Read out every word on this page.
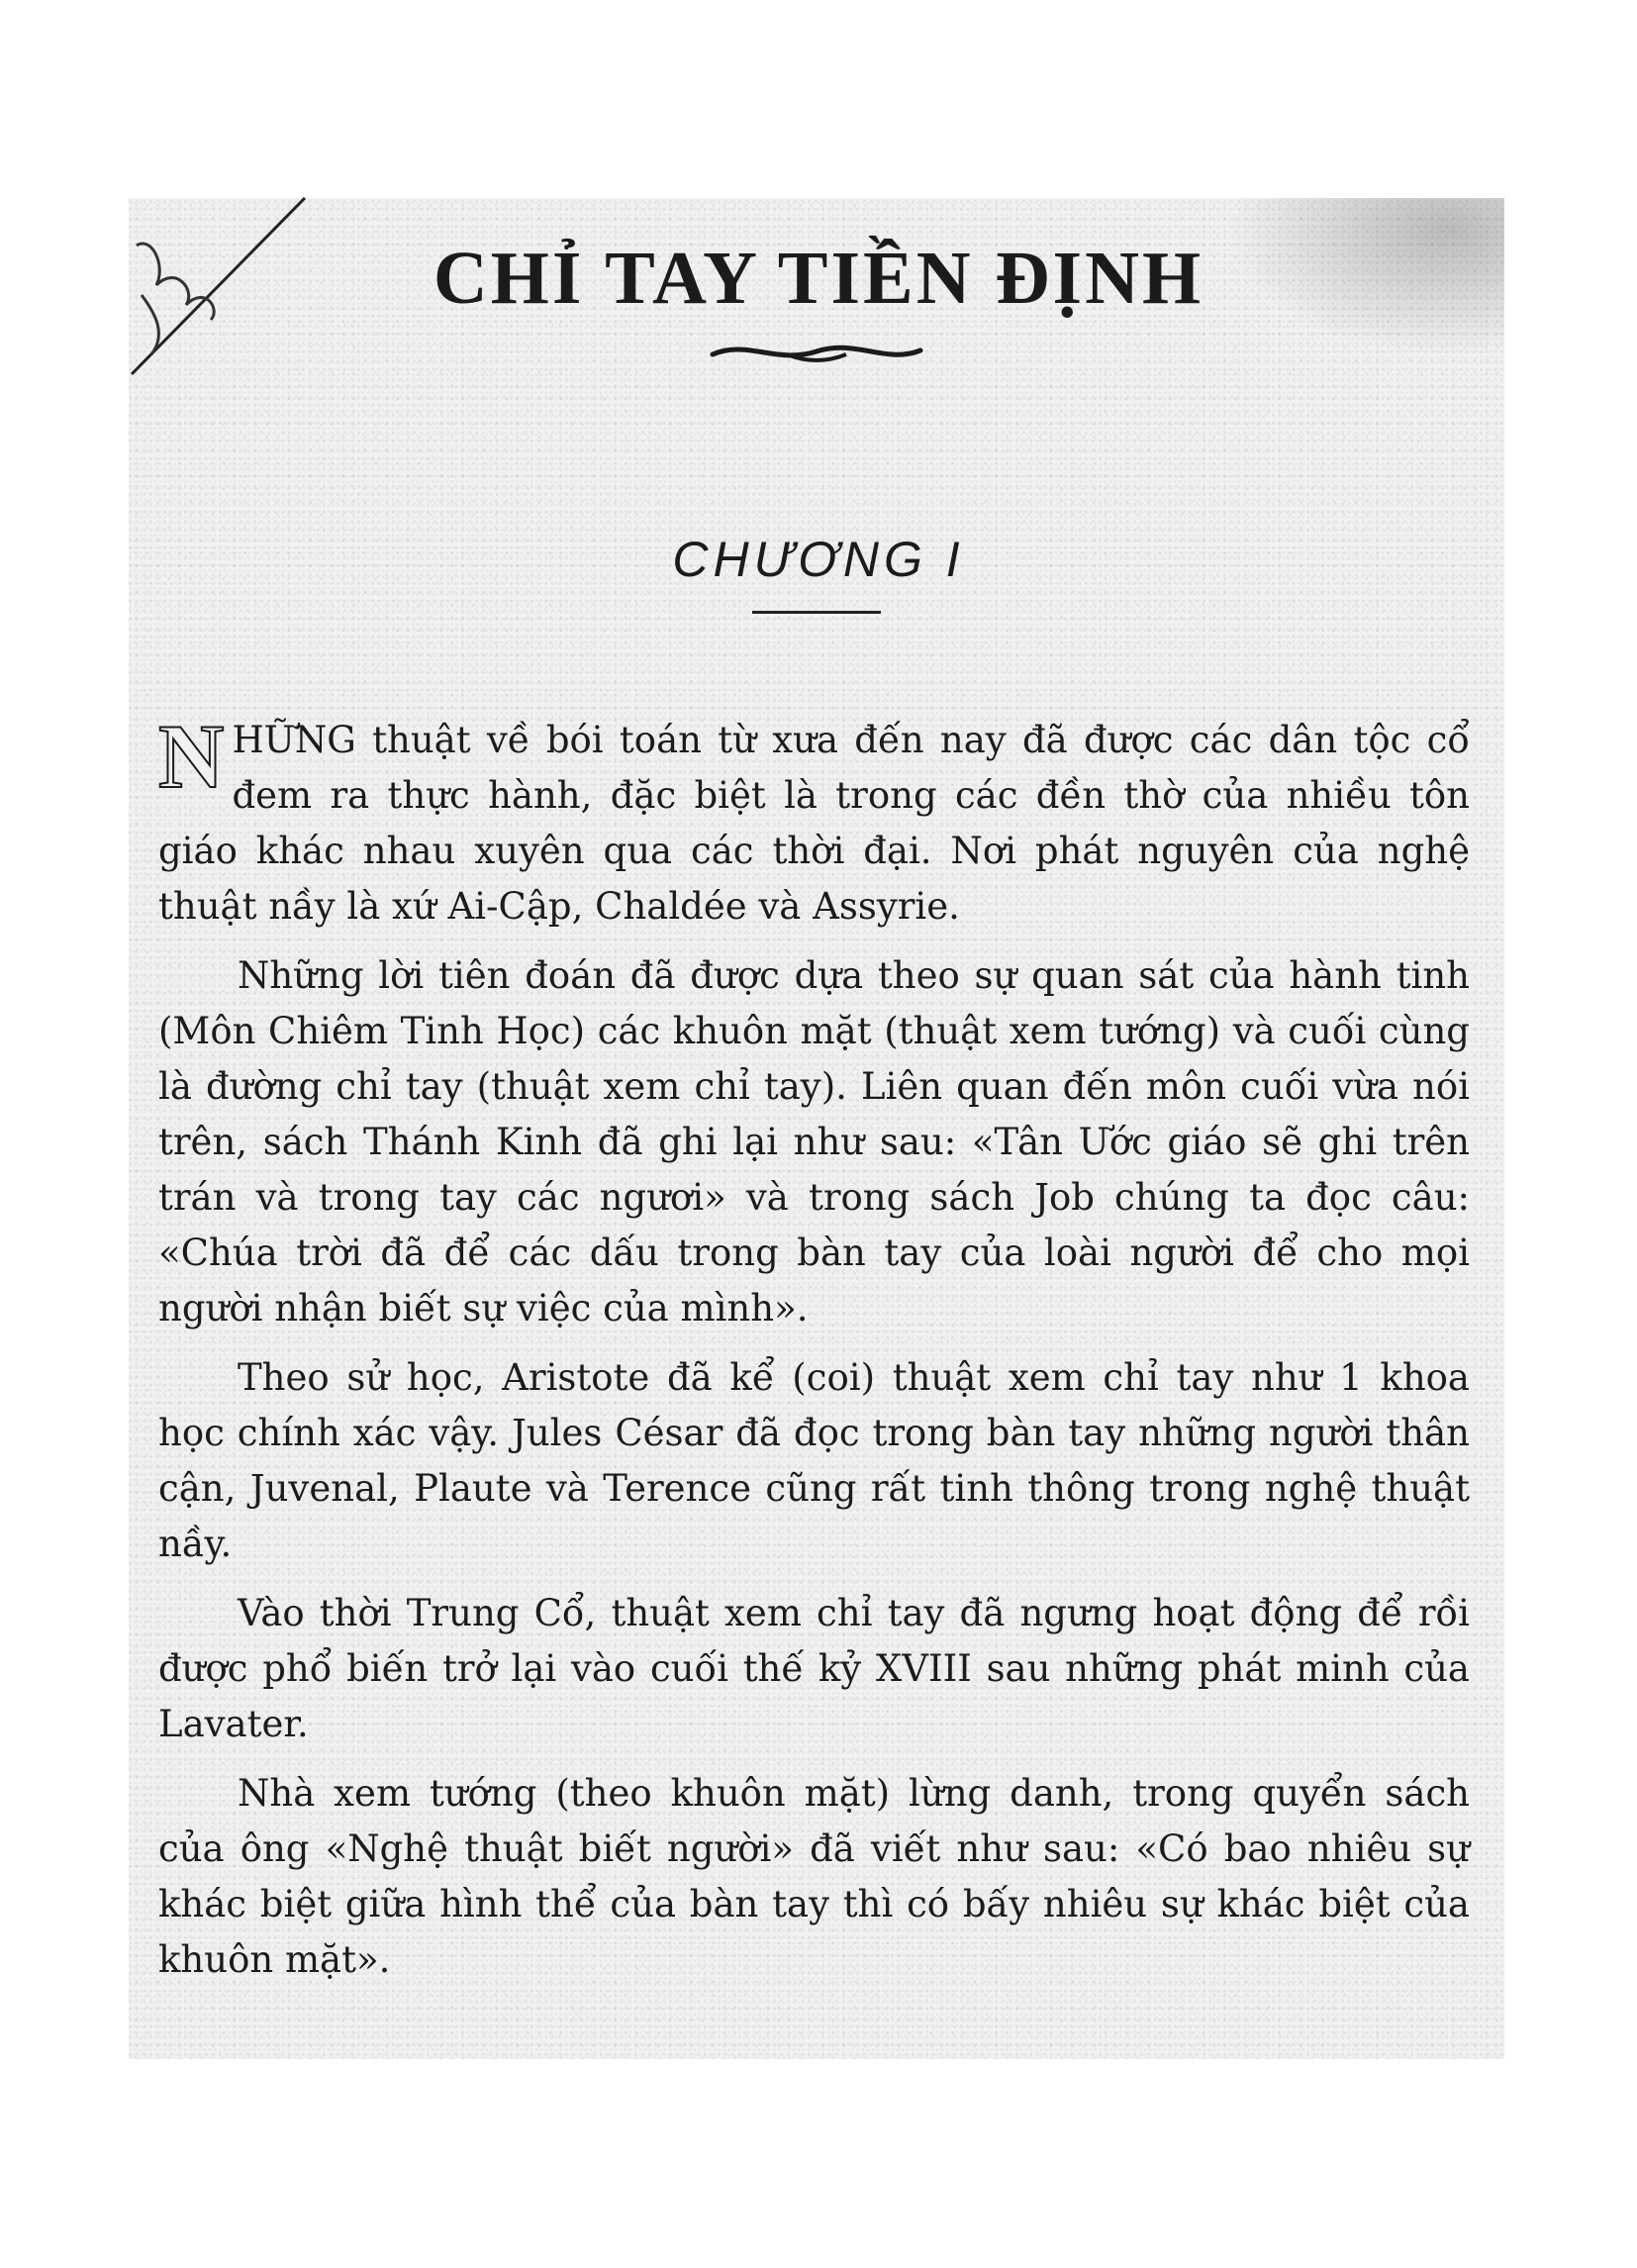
CHỈ TAY TIỀN ĐỊNH
CHƯƠNG I

NHỮNG thuật về bói toán từ xưa đến nay đã được các dân tộc cổ đem ra thực hành, đặc biệt là trong các đền thờ của nhiều tôn giáo khác nhau xuyên qua các thời đại. Nơi phát nguyên của nghệ thuật nầy là xứ Ai-Cập, Chaldée và Assyrie.

Những lời tiên đoán đã được dựa theo sự quan sát của hành tinh (Môn Chiêm Tinh Học) các khuôn mặt (thuật xem tướng) và cuối cùng là đường chỉ tay (thuật xem chỉ tay). Liên quan đến môn cuối vừa nói trên, sách Thánh Kinh đã ghi lại như sau: «Tân Ước giáo sẽ ghi trên trán và trong tay các ngươi» và trong sách Job chúng ta đọc câu: «Chúa trời đã để các dấu trong bàn tay của loài người để cho mọi người nhận biết sự việc của mình».

Theo sử học, Aristote đã kể (coi) thuật xem chỉ tay như 1 khoa học chính xác vậy. Jules César đã đọc trong bàn tay những người thân cận, Juvenal, Plaute và Terence cũng rất tinh thông trong nghệ thuật nầy.

Vào thời Trung Cổ, thuật xem chỉ tay đã ngưng hoạt động để rồi được phổ biến trở lại vào cuối thế kỷ XVIII sau những phát minh của Lavater.

Nhà xem tướng (theo khuôn mặt) lừng danh, trong quyển sách của ông «Nghệ thuật biết người» đã viết như sau: «Có bao nhiêu sự khác biệt giữa hình thể của bàn tay thì có bấy nhiêu sự khác biệt của khuôn mặt».
